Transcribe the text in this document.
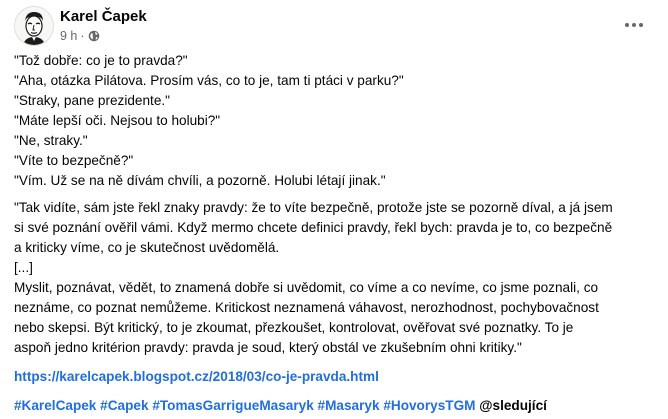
Karel Čapek
9 h ·

"Tož dobře: co je to pravda?"

"Aha, otázka Pilátova. Prosím vás, co to je, tam ti ptáci v parku?"

"Straky, pane prezidente."

"Máte lepší oči. Nejsou to holubi?"

"Ne, straky."

"Víte to bezpečně?"

"Vím. Už se na ně dívám chvíli, a pozorně. Holubi létají jinak."

"Tak vidíte, sám jste řekl znaky pravdy: že to víte bezpečně, protože jste se pozorně díval, a já jsem

si své poznání ověřil vámi. Když mermo chcete definici pravdy, řekl bych: pravda je to, co bezpečně

a kriticky víme, co je skutečnost uvědomělá.

[...]

Myslit, poznávat, vědět, to znamená dobře si uvědomit, co víme a co nevíme, co jsme poznali, co

neznáme, co poznat nemůžeme. Kritickost neznamená váhavost, nerozhodnost, pochybovačnost

nebo skepsi. Být kritický, to je zkoumat, přezkoušet, kontrolovat, ověřovat své poznatky. To je

aspoň jedno kritérion pravdy: pravda je soud, který obstál ve zkušebním ohni kritiky."

https://karelcapek.blogspot.cz/2018/03/co-je-pravda.html

#KarelCapek #Capek #TomasGarrigueMasaryk #Masaryk #HovorysTGM @sledující
